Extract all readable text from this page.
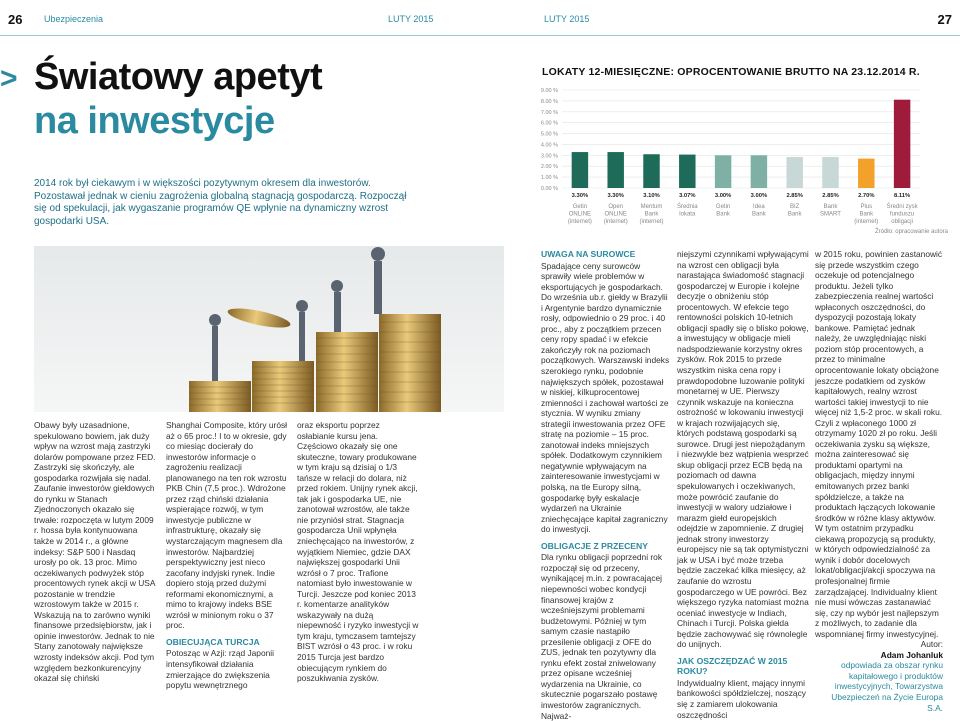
26 Ubezpieczenia	LUTY 2015	LUTY 2015	27
> Światowy apetyt
na inwestycje
2014 rok był ciekawym i w większości pozytywnym okresem dla inwestorów. Pozostawał jednak w cieniu zagrożenia globalną stagnacją gospodarczą. Rozpoczął się od spekulacji, jak wygaszanie programów QE wpłynie na dynamiczny wzrost gospodarki USA.

Obawy były uzasadnione, spekulowano bowiem, jak duży wpływ na wzrost mają zastrzyki dolarów pompowane przez FED. Zastrzyki się skończyły, ale gospodarka rozwijała się nadal. Zaufanie inwestorów giełdowych do rynku w Stanach Zjednoczonych okazało się trwałe: rozpoczęta w lutym 2009 r. hossa była kontynuowana także w 2014 r., a główne indeksy: S&P 500 i Nasdaq urosły po ok. 13 proc. Mimo oczekiwanych podwyżek stóp procentowych rynek akcji w USA pozostanie w trendzie wzrostowym także w 2015 r. Wskazują na to zarówno wyniki finansowe przedsiębiorstw, jak i opinie inwestorów. Jednak to nie Stany zanotowały największe wzrosty indeksów akcji. Pod tym względem bezkonkurencyjny okazał się chiński

Shanghai Composite, który urósł aż o 65 proc.! I to w okresie, gdy co miesiąc docierały do inwestorów informacje o zagrożeniu realizacji planowanego na ten rok wzrostu PKB Chin (7,5 proc.). Wdrożone przez rząd chiński działania wspierające rozwój, w tym inwestycje publiczne w infrastrukturę, okazały się wystarczającym magnesem dla inwestorów. Najbardziej perspektywiczny jest nieco zacofany indyjski rynek. Indie dopiero stoją przed dużymi reformami ekonomicznymi, a mimo to krajowy indeks BSE wzrósł w minionym roku o 37 proc.

OBIECUJĄCA TURCJA

Potosząc w Azji: rząd Japonii intensyfikował działania zmierzające do zwiększenia popytu wewnętrznego

oraz eksportu poprzez osłabianie kursu jena. Częściowo okazały się one skuteczne, towary produkowane w tym kraju są dzisiaj o 1/3 tańsze w relacji do dolara, niż przed rokiem. Unijny rynek akcji, tak jak i gospodarka UE, nie zanotował wzrostów, ale także nie przyniósł strat. Stagnacja gospodarcza Unii wpłynęła zniechęcająco na inwestorów, z wyjątkiem Niemiec, gdzie DAX największej gospodarki Unii wzrósł o 7 proc. Trafione natomiast było inwestowanie w Turcji. Jeszcze pod koniec 2013 r. komentarze analityków wskazywały na dużą niepewność i ryzyko inwestycji w tym kraju, tymczasem tamtejszy BIST wzrósł o 43 proc. i w roku 2015 Turcja jest bardzo obiecującym rynkiem do poszukiwania zysków.

UWAGA NA SUROWCE

Spadające ceny surowców sprawiły wiele problemów w eksportujących je gospodarkach. Do września ub.r. giełdy w Brazylii i Argentynie bardzo dynamicznie rosły, odpowiednio o 29 proc. i 40 proc., aby z początkiem przecen ceny ropy spadać i w efekcie zakończyły rok na poziomach początkowych. Warszawski indeks szerokiego rynku, podobnie największych spółek, pozostawał w niskiej, kilkuprocentowej zmienności i zachował wartości ze stycznia. W wyniku zmiany strategii inwestowania przez OFE stratę na poziomie – 15 proc. zanotował indeks mniejszych spółek. Dodatkowym czynnikiem negatywnie wpływającym na zainteresowanie inwestycjami w polską, na tle Europy silną, gospodarkę były eskalacje wydarzeń na Ukrainie zniechęcające kapitał zagraniczny do inwestycji.

OBLIGACJE Z PRZECENY

Dla rynku obligacji poprzedni rok rozpoczął się od przeceny, wynikającej m.in. z powracającej niepewności wobec kondycji finansowej krajów z wcześniejszymi problemami budżetowymi. Później w tym samym czasie nastąpiło przesilenie obligacji z OFE do ZUS, jednak ten pozytywny dla rynku efekt został zniwelowany przez opisane wcześniej wydarzenia na Ukrainie, co skutecznie pogarszało postawę inwestorów zagranicznych. Najważ-

niejszymi czynnikami wpływającymi na wzrost cen obligacji była narastająca świadomość stagnacji gospodarczej w Europie i kolejne decyzje o obniżeniu stóp procentowych. W efekcie tego rentowności polskich 10-letnich obligacji spadły się o blisko połowę, a inwestujący w obligacje mieli nadspodziewanie korzystny okres zysków. Rok 2015 to przede wszystkim niska cena ropy i prawdopodobne luzowanie polityki monetarnej w UE. Pierwszy czynnik wskazuje na konieczna ostrożność w lokowaniu inwestycji w krajach rozwijających się, których podstawą gospodarki są surowce. Drugi jest niepożądanym i niezwykle bez wątpienia wesprzeć skup obligacji przez ECB będą na poziomach od dawna spekulowanych i oczekiwanych, może powrócić zaufanie do inwestycji w walory udziałowe i marazm giełd europejskich odejdzie w zapomnienie. Z drugiej jednak strony inwestorzy europejscy nie są tak optymistyczni jak w USA i być może trzeba będzie zaczekać kilka miesięcy, aż zaufanie do wzrostu gospodarczego w UE powróci. Bez większego ryzyka natomiast można oceniać inwestycje w Indiach, Chinach i Turcji. Polska giełda będzie zachowywać się równolegle do unijnych.

JAK OSZCZĘDZAĆ W 2015 ROKU?

Indywidualny klient, mający innymi bankowości spółdzielczej, noszący się z zamiarem ulokowania oszczędności

w 2015 roku, powinien zastanowić się przede wszystkim czego oczekuje od potencjalnego produktu. Jeżeli tylko zabezpieczenia realnej wartości wpłaconych oszczędności, do dyspozycji pozostają lokaty bankowe. Pamiętać jednak należy, że uwzględniając niski poziom stóp procentowych, a przez to minimalne oprocentowanie lokaty obciążone jeszcze podatkiem od zysków kapitałowych, realny wzrost wartości takiej inwestycji to nie więcej niż 1,5-2 proc. w skali roku. Czyli z wpłaconego 1000 zł otrzymamy 1020 zł po roku. Jeśli oczekiwania zysku są większe, można zainteresować się produktami opartymi na obligacjach, między innymi emitowanych przez banki spółdzielcze, a także na produktach łączących lokowanie środków w różne klasy aktywów. W tym ostatnim przypadku ciekawą propozycją są produkty, w których odpowiedzialność za wynik i dobór docelowych lokat/obligacji/akcji spoczywa na profesjonalnej firmie zarządzającej. Individualny klient nie musi wówczas zastanawiać się, czy np wybór jest najlepszym z możliwych, to zadanie dla wspomnianej firmy inwestycyjnej.

Autor:
Adam Johanluk
odpowiada za obszar rynku kapitałowego i produktów inwestycyjnych, Towarzystwa Ubezpieczeń na Życie Europa S.A.
LOKATY 12-MIESIĘCZNE: OPROCENTOWANIE BRUTTO NA 23.12.2014 R.
0.00 %
1.00 %
2.00 %
3.00 %
4.00 %
5.00 %
6.00 %
7.00 %
8.00 %
9.00 %
3.30%
Getin
ONLINE
(internet)
3.30%
Open
ONLINE
(internet)
3.10%
Mentum
Bank
(internet)
3.07%
Średnia
lokata
3.00%
Getin
Bank
3.00%
Idea
Bank
2.85%
BIZ
Bank
2.85%
Bank
SMART
2.70%
Plus
Bank
(internet)
8.11%
Średni zysk
funduszu
obligacji
Źródło: opracowanie autora
